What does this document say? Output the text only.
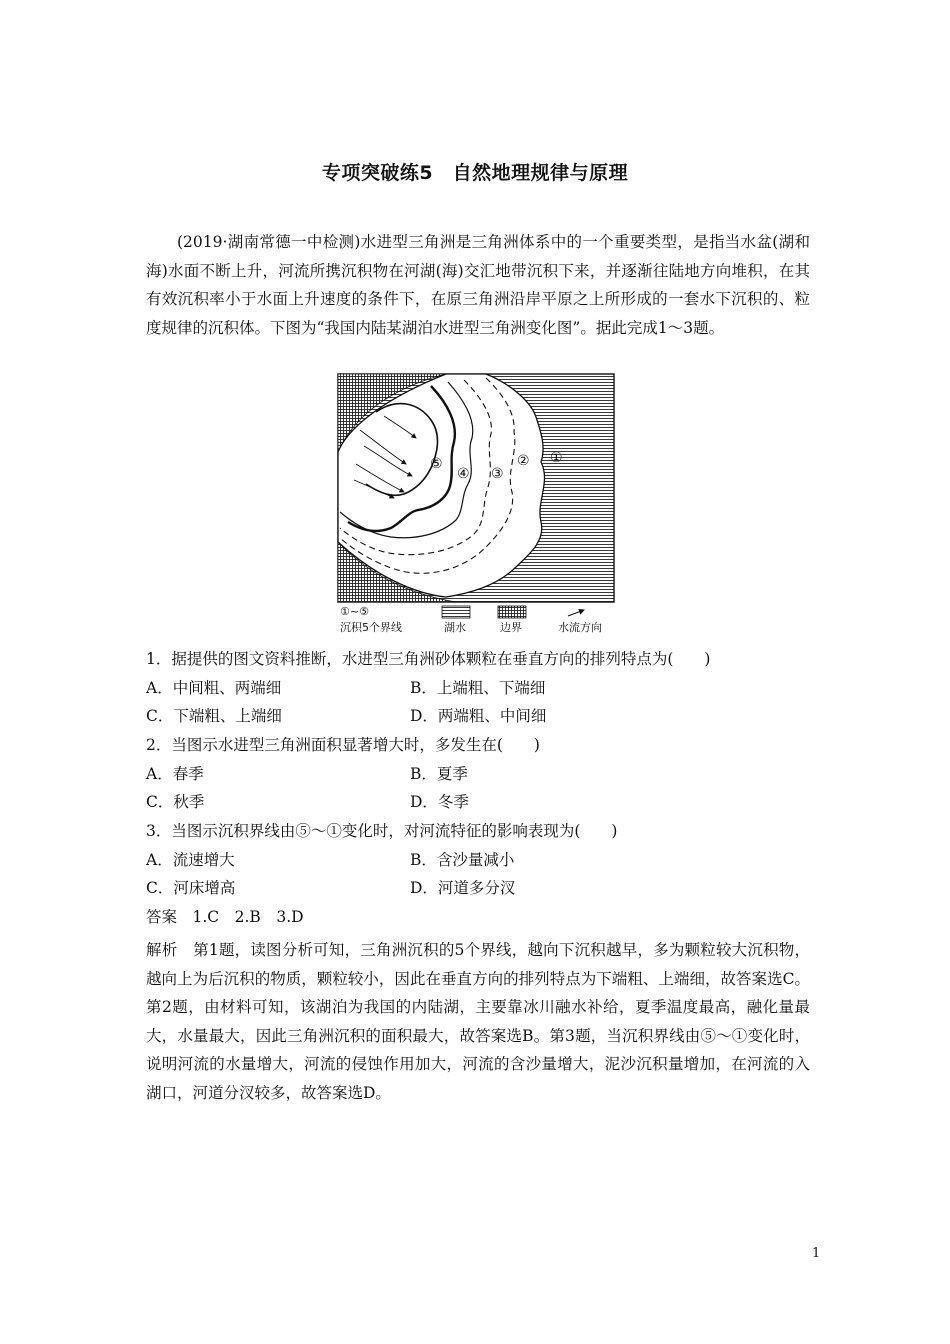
专项突破练5　自然地理规律与原理
(2019·湖南常德一中检测)水进型三角洲是三角洲体系中的一个重要类型，是指当水盆(湖和海)水面不断上升，河流所携沉积物在河湖(海)交汇地带沉积下来，并逐渐往陆地方向堆积，在其有效沉积率小于水面上升速度的条件下，在原三角洲沿岸平原之上所形成的一套水下沉积的、粒度规律的沉积体。下图为“我国内陆某湖泊水进型三角洲变化图”。据此完成1～3题。
⑤
④ ③
② ①
①~⑤
沉积5个界线	湖水	边界	水流方向
1．据提供的图文资料推断，水进型三角洲砂体颗粒在垂直方向的排列特点为(　　)
A．中间粗、两端细	B．上端粗、下端细
C．下端粗、上端细	D．两端粗、中间细
2．当图示水进型三角洲面积显著增大时，多发生在(　　)
A．春季	B．夏季
C．秋季	D．冬季
3．当图示沉积界线由⑤～①变化时，对河流特征的影响表现为(　　)
A．流速增大	B．含沙量减小
C．河床增高	D．河道多分汊
答案　1.C　2.B　3.D
解析　第1题，读图分析可知，三角洲沉积的5个界线，越向下沉积越早，多为颗粒较大沉积物，越向上为后沉积的物质，颗粒较小，因此在垂直方向的排列特点为下端粗、上端细，故答案选C。第2题，由材料可知，该湖泊为我国的内陆湖，主要靠冰川融水补给，夏季温度最高，融化量最大，水量最大，因此三角洲沉积的面积最大，故答案选B。第3题，当沉积界线由⑤～①变化时，说明河流的水量增大，河流的侵蚀作用加大，河流的含沙量增大，泥沙沉积量增加，在河流的入湖口，河道分汊较多，故答案选D。
1
